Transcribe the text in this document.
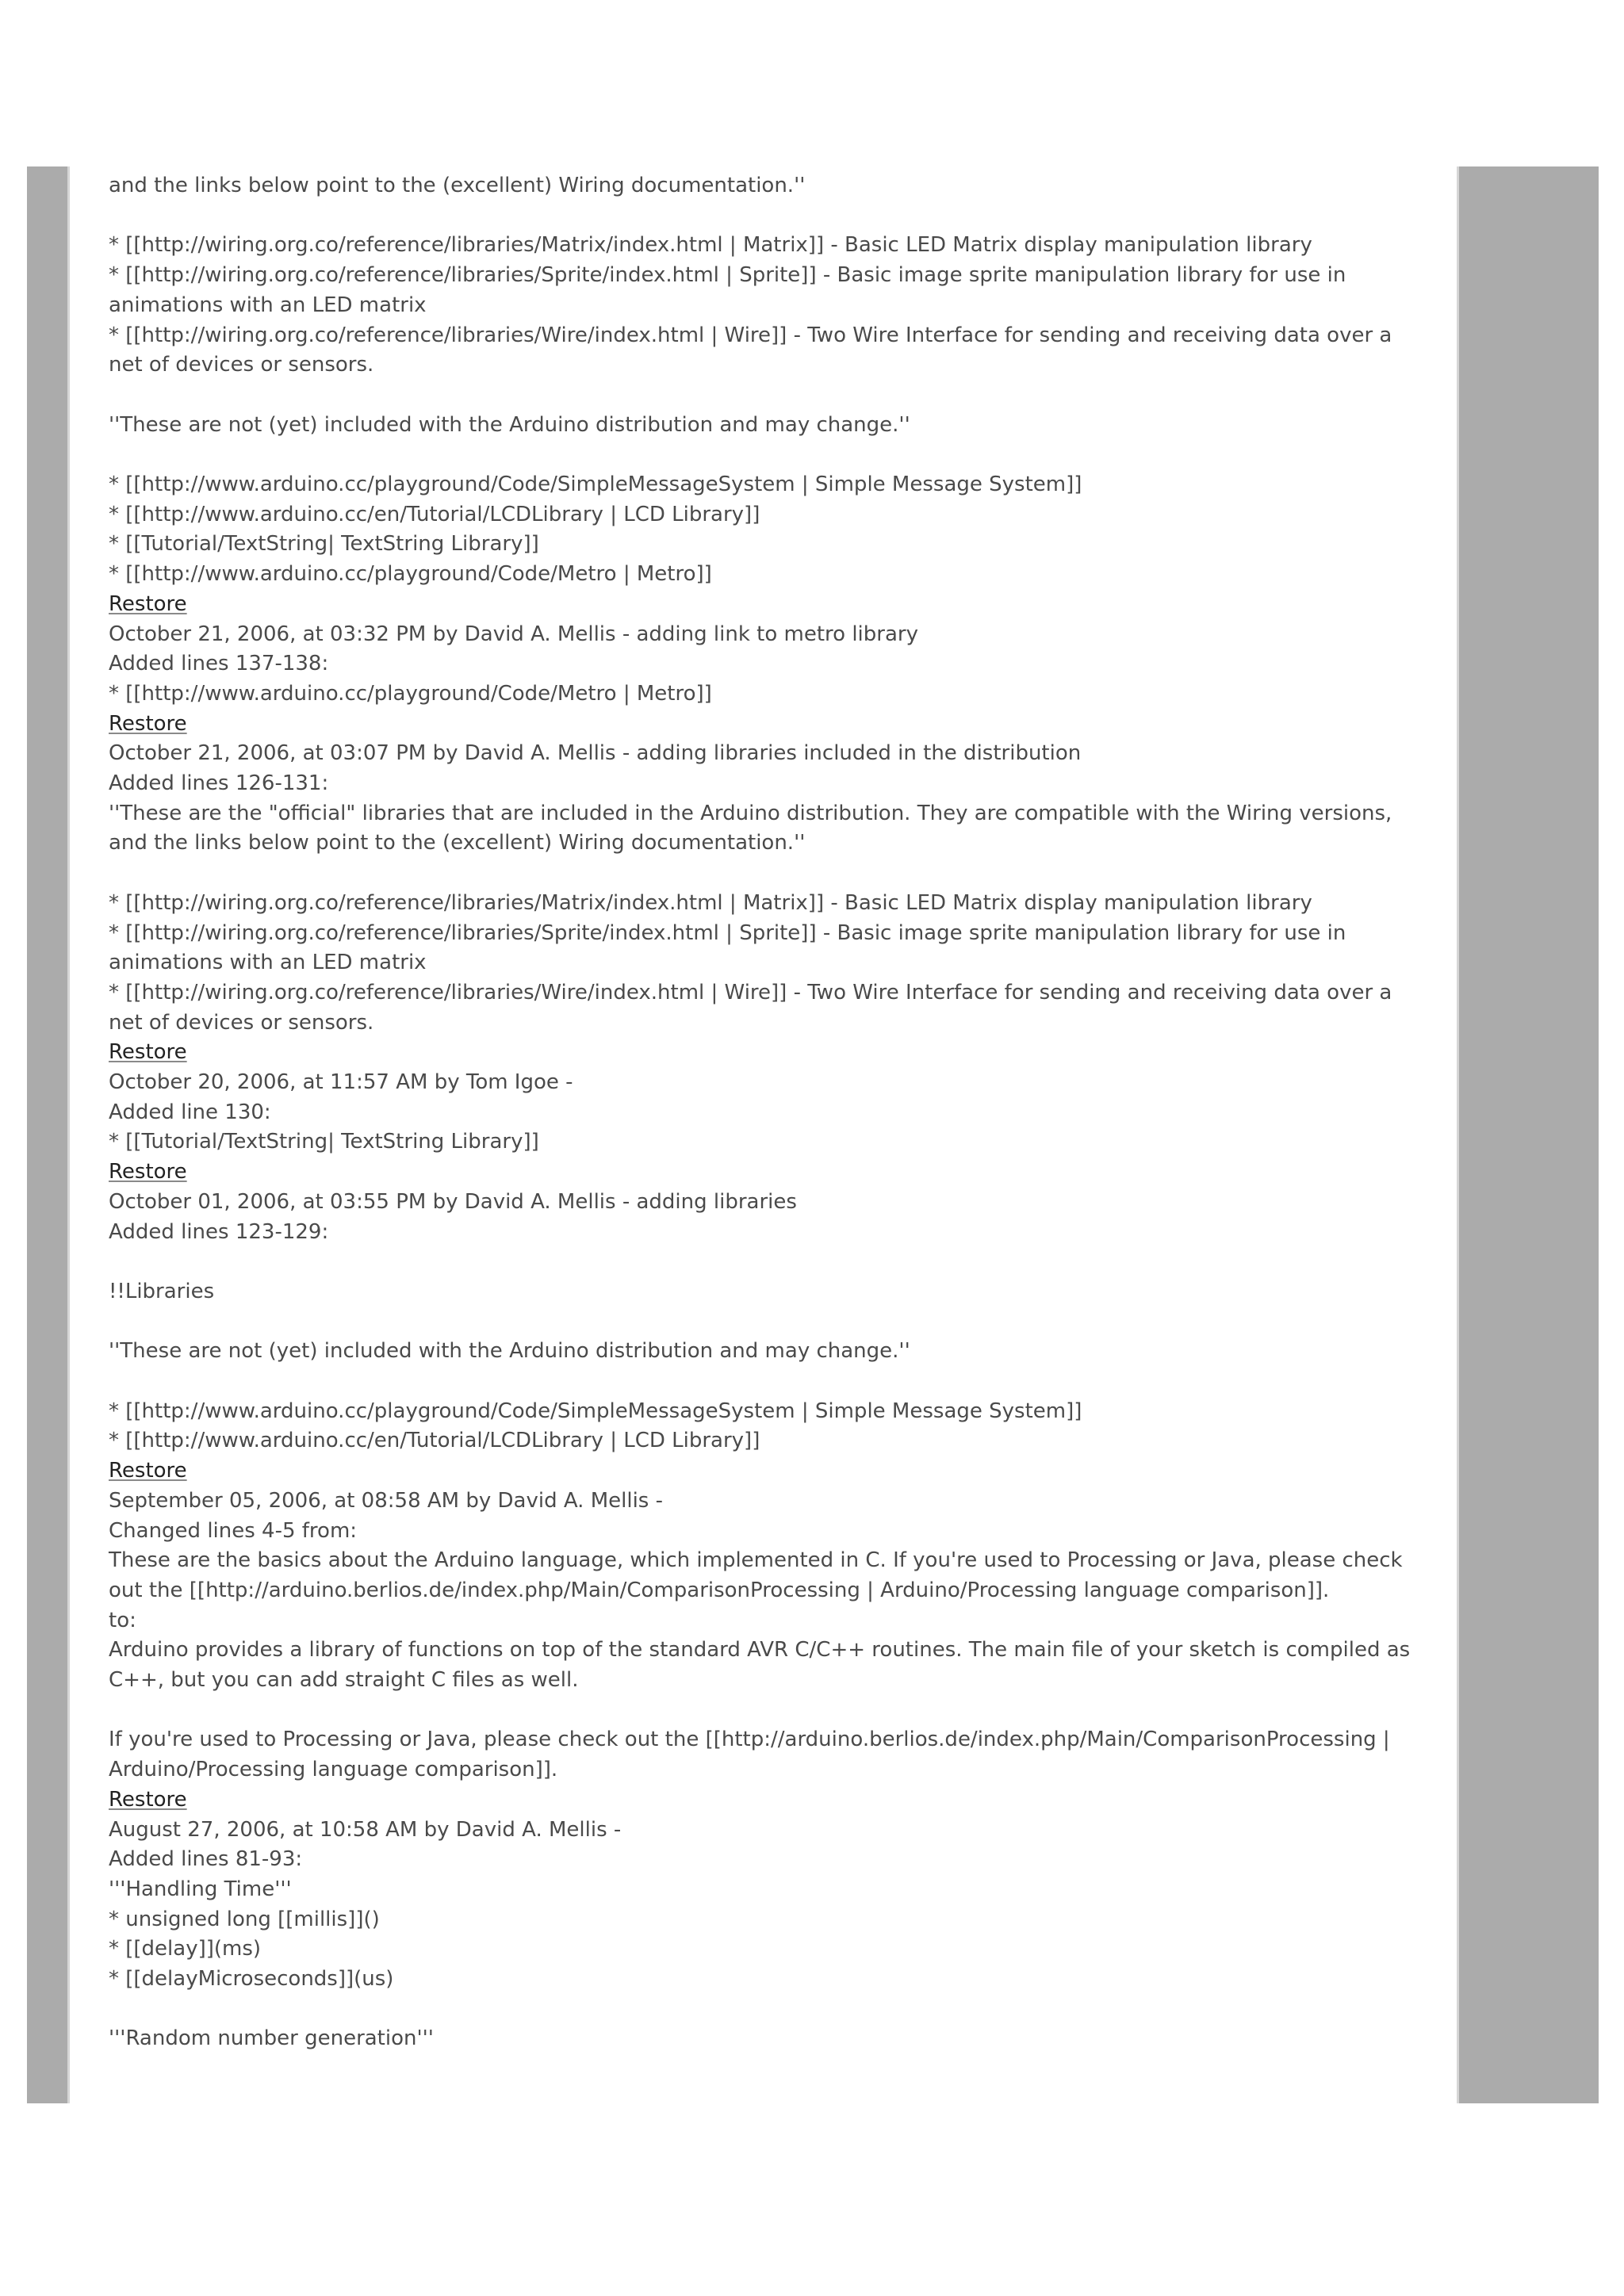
and the links below point to the (excellent) Wiring documentation.''
* [[http://wiring.org.co/reference/libraries/Matrix/index.html | Matrix]] - Basic LED Matrix display manipulation library
* [[http://wiring.org.co/reference/libraries/Sprite/index.html | Sprite]] - Basic image sprite manipulation library for use in animations with an LED matrix
* [[http://wiring.org.co/reference/libraries/Wire/index.html | Wire]] - Two Wire Interface for sending and receiving data over a net of devices or sensors.
''These are not (yet) included with the Arduino distribution and may change.''
* [[http://www.arduino.cc/playground/Code/SimpleMessageSystem | Simple Message System]]
* [[http://www.arduino.cc/en/Tutorial/LCDLibrary | LCD Library]]
* [[Tutorial/TextString| TextString Library]]
* [[http://www.arduino.cc/playground/Code/Metro | Metro]]
Restore
October 21, 2006, at 03:32 PM by David A. Mellis - adding link to metro library
Added lines 137-138:
* [[http://www.arduino.cc/playground/Code/Metro | Metro]]
Restore
October 21, 2006, at 03:07 PM by David A. Mellis - adding libraries included in the distribution
Added lines 126-131:
''These are the "official" libraries that are included in the Arduino distribution. They are compatible with the Wiring versions, and the links below point to the (excellent) Wiring documentation.''
* [[http://wiring.org.co/reference/libraries/Matrix/index.html | Matrix]] - Basic LED Matrix display manipulation library
* [[http://wiring.org.co/reference/libraries/Sprite/index.html | Sprite]] - Basic image sprite manipulation library for use in animations with an LED matrix
* [[http://wiring.org.co/reference/libraries/Wire/index.html | Wire]] - Two Wire Interface for sending and receiving data over a net of devices or sensors.
Restore
October 20, 2006, at 11:57 AM by Tom Igoe -
Added line 130:
* [[Tutorial/TextString| TextString Library]]
Restore
October 01, 2006, at 03:55 PM by David A. Mellis - adding libraries
Added lines 123-129:
!!Libraries
''These are not (yet) included with the Arduino distribution and may change.''
* [[http://www.arduino.cc/playground/Code/SimpleMessageSystem | Simple Message System]]
* [[http://www.arduino.cc/en/Tutorial/LCDLibrary | LCD Library]]
Restore
September 05, 2006, at 08:58 AM by David A. Mellis -
Changed lines 4-5 from:
These are the basics about the Arduino language, which implemented in C. If you're used to Processing or Java, please check out the [[http://arduino.berlios.de/index.php/Main/ComparisonProcessing | Arduino/Processing language comparison]].
to:
Arduino provides a library of functions on top of the standard AVR C/C++ routines. The main file of your sketch is compiled as C++, but you can add straight C files as well.
If you're used to Processing or Java, please check out the [[http://arduino.berlios.de/index.php/Main/ComparisonProcessing | Arduino/Processing language comparison]].
Restore
August 27, 2006, at 10:58 AM by David A. Mellis -
Added lines 81-93:
'''Handling Time'''
* unsigned long [[millis]]()
* [[delay]](ms)
* [[delayMicroseconds]](us)
'''Random number generation'''
